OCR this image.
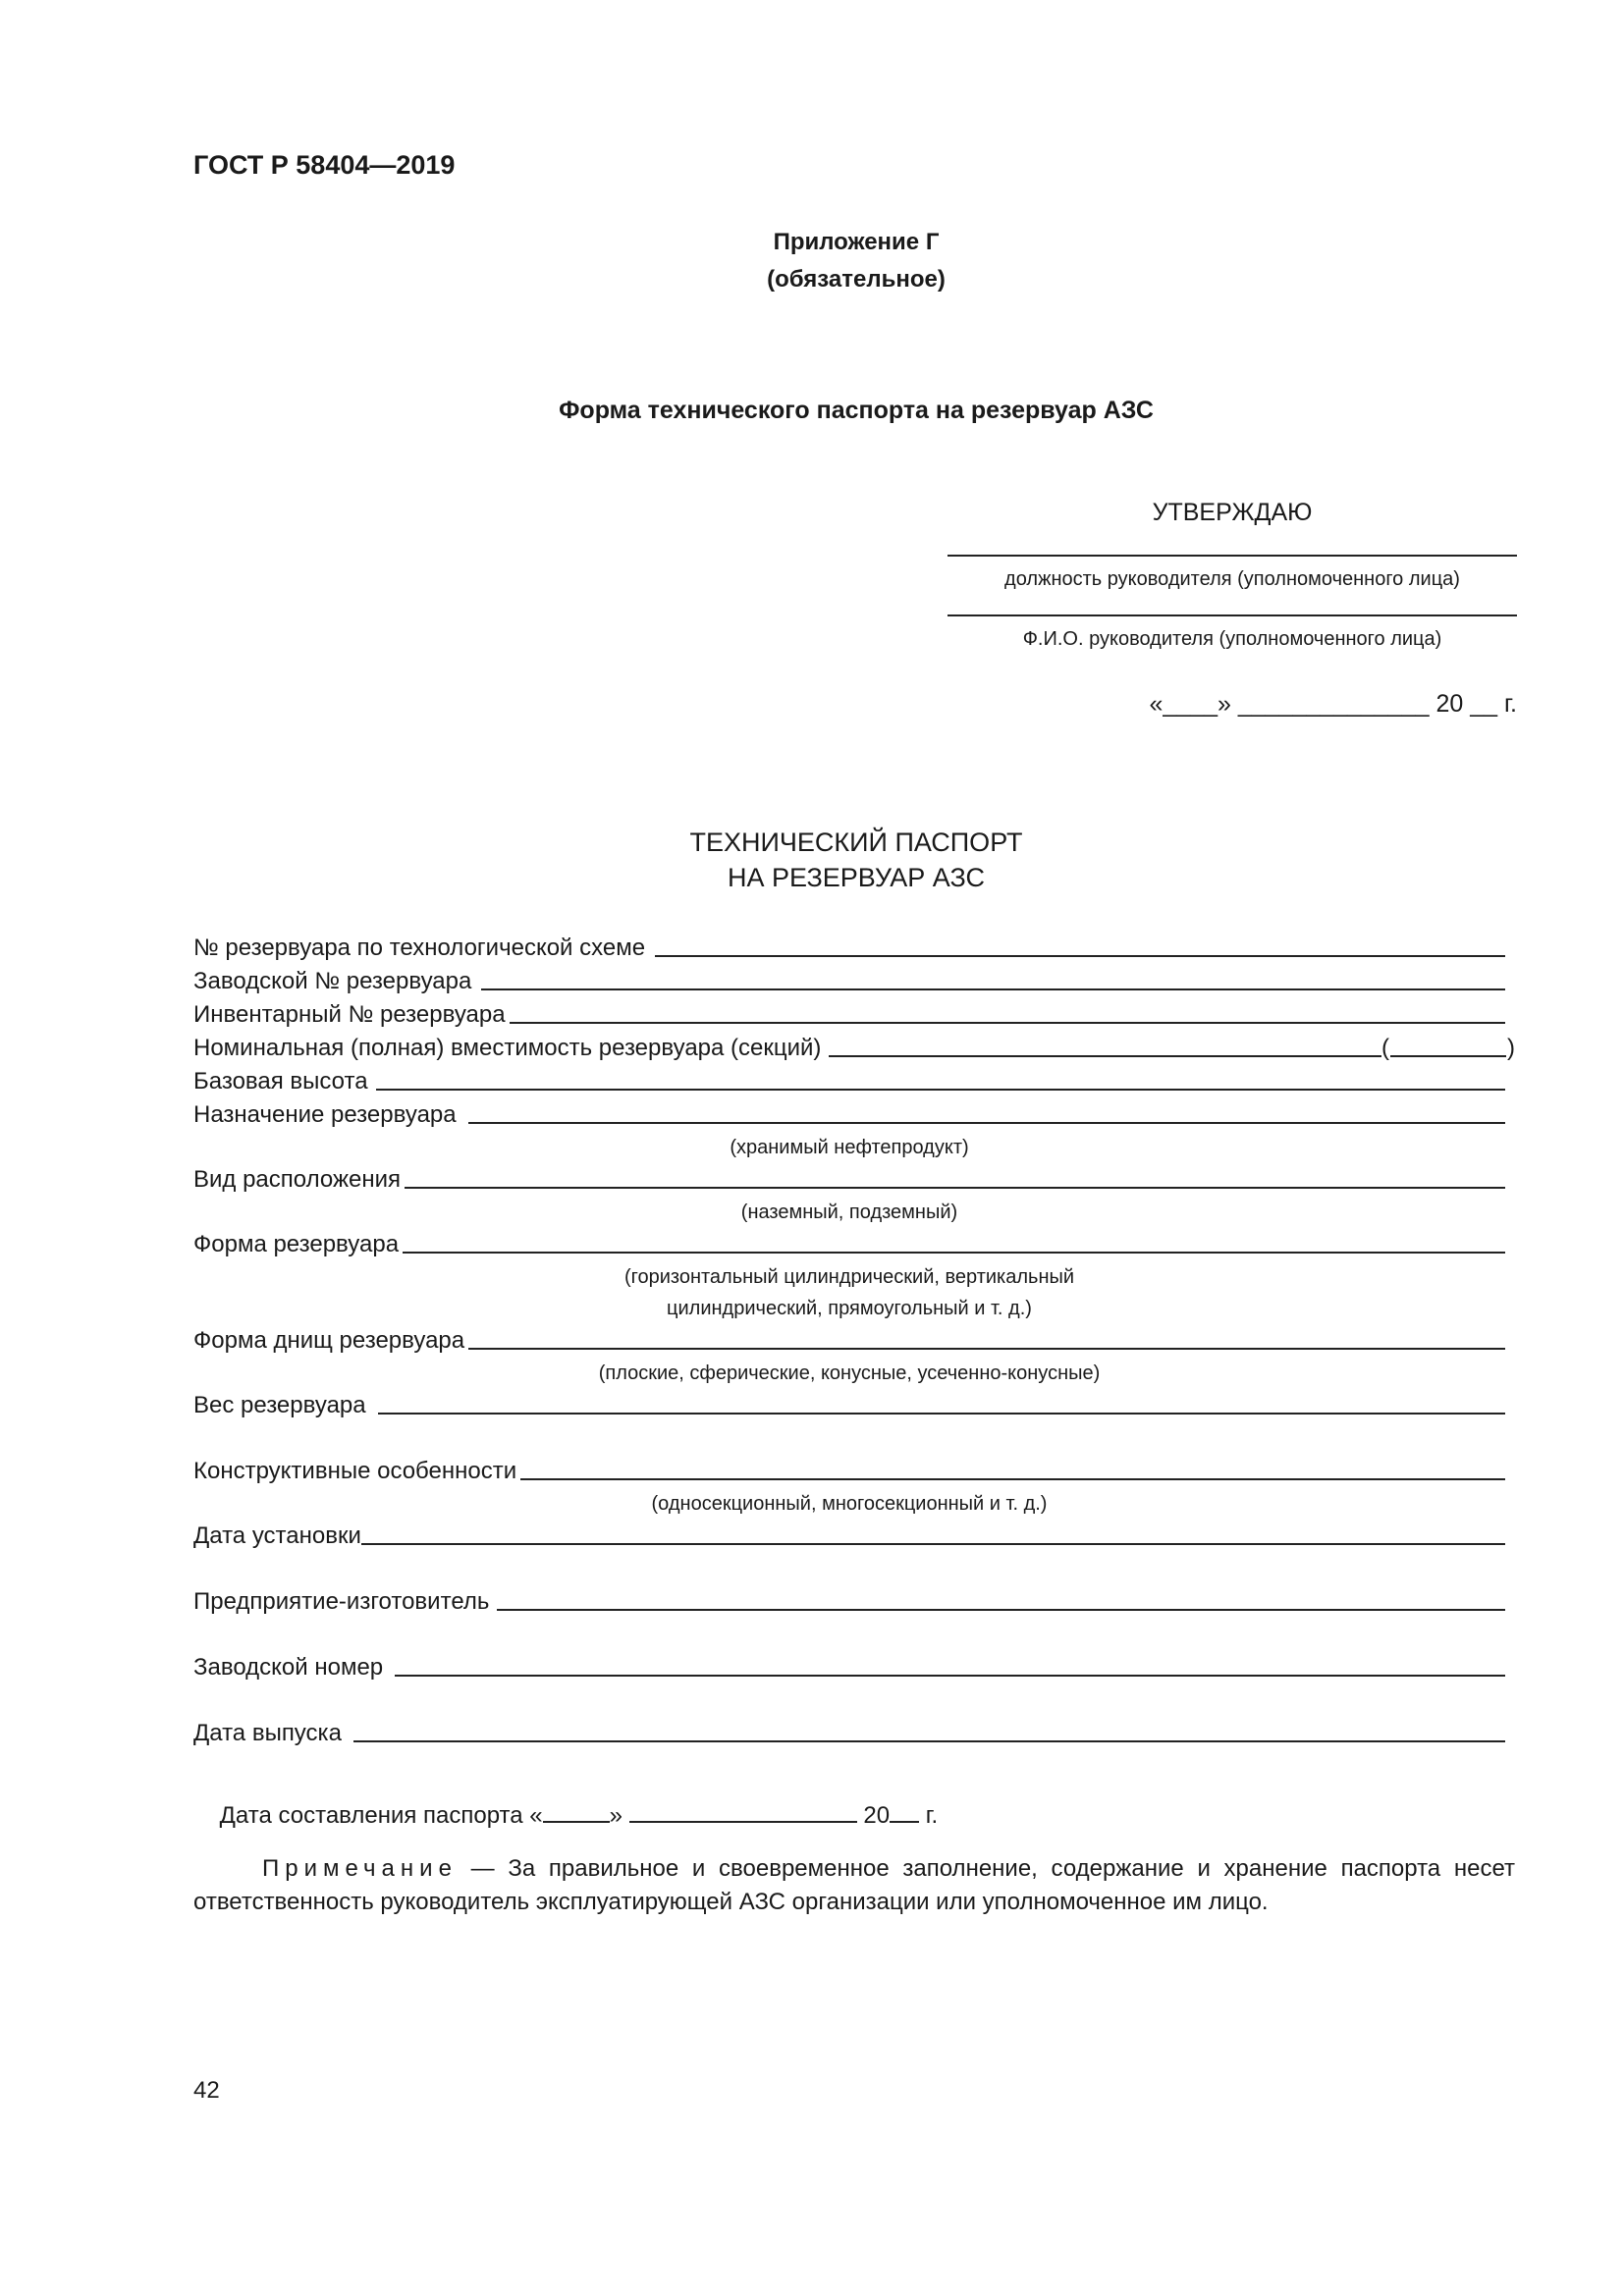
ГОСТ Р 58404—2019
Приложение Г
(обязательное)
Форма технического паспорта на резервуар АЗС
УТВЕРЖДАЮ
должность руководителя (уполномоченного лица)
Ф.И.О. руководителя (уполномоченного лица)
«____» ______________ 20 __ г.
ТЕХНИЧЕСКИЙ ПАСПОРТ
НА РЕЗЕРВУАР АЗС
№ резервуара по технологической схеме
Заводской № резервуара
Инвентарный № резервуара
Номинальная (полная) вместимость резервуара (секций)	(	)
Базовая высота
Назначение резервуара
(хранимый нефтепродукт)
Вид расположения
(наземный, подземный)
Форма резервуара
(горизонтальный цилиндрический, вертикальный
цилиндрический, прямоугольный и т. д.)
Форма днищ резервуара
(плоские, сферические, конусные, усеченно-конусные)
Вес резервуара
Конструктивные особенности
(односекционный, многосекционный и т. д.)
Дата установки
Предприятие-изготовитель
Заводской номер
Дата выпуска

Дата составления паспорта «	»	20 г.

Примечание — За правильное и своевременное заполнение, содержание и хранение паспорта несет ответственность руководитель эксплуатирующей АЗС организации или уполномоченное им лицо.
42
